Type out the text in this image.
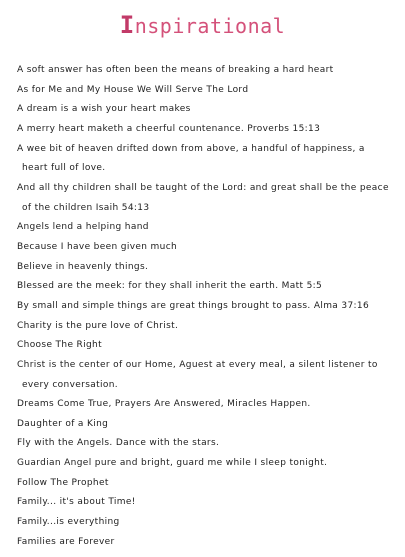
Inspirational
A soft answer has often been the means of breaking a hard heart
As for Me and My House We Will Serve The Lord
A dream is a wish your heart makes
A merry heart maketh a cheerful countenance. Proverbs 15:13
A wee bit of heaven drifted down from above, a handful of happiness, a
heart full of love.
And all thy children shall be taught of the Lord: and great shall be the peace
of the children Isaih 54:13
Angels lend a helping hand
Because I have been given much
Believe in heavenly things.
Blessed are the meek: for they shall inherit the earth. Matt 5:5
By small and simple things are great things brought to pass. Alma 37:16
Charity is the pure love of Christ.
Choose The Right
Christ is the center of our Home, Aguest at every meal, a silent listener to
every conversation.
Dreams Come True, Prayers Are Answered, Miracles Happen.
Daughter of a King
Fly with the Angels. Dance with the stars.
Guardian Angel pure and bright, guard me while I sleep tonight.
Follow The Prophet
Family... it's about Time!
Family...is everything
Families are Forever
